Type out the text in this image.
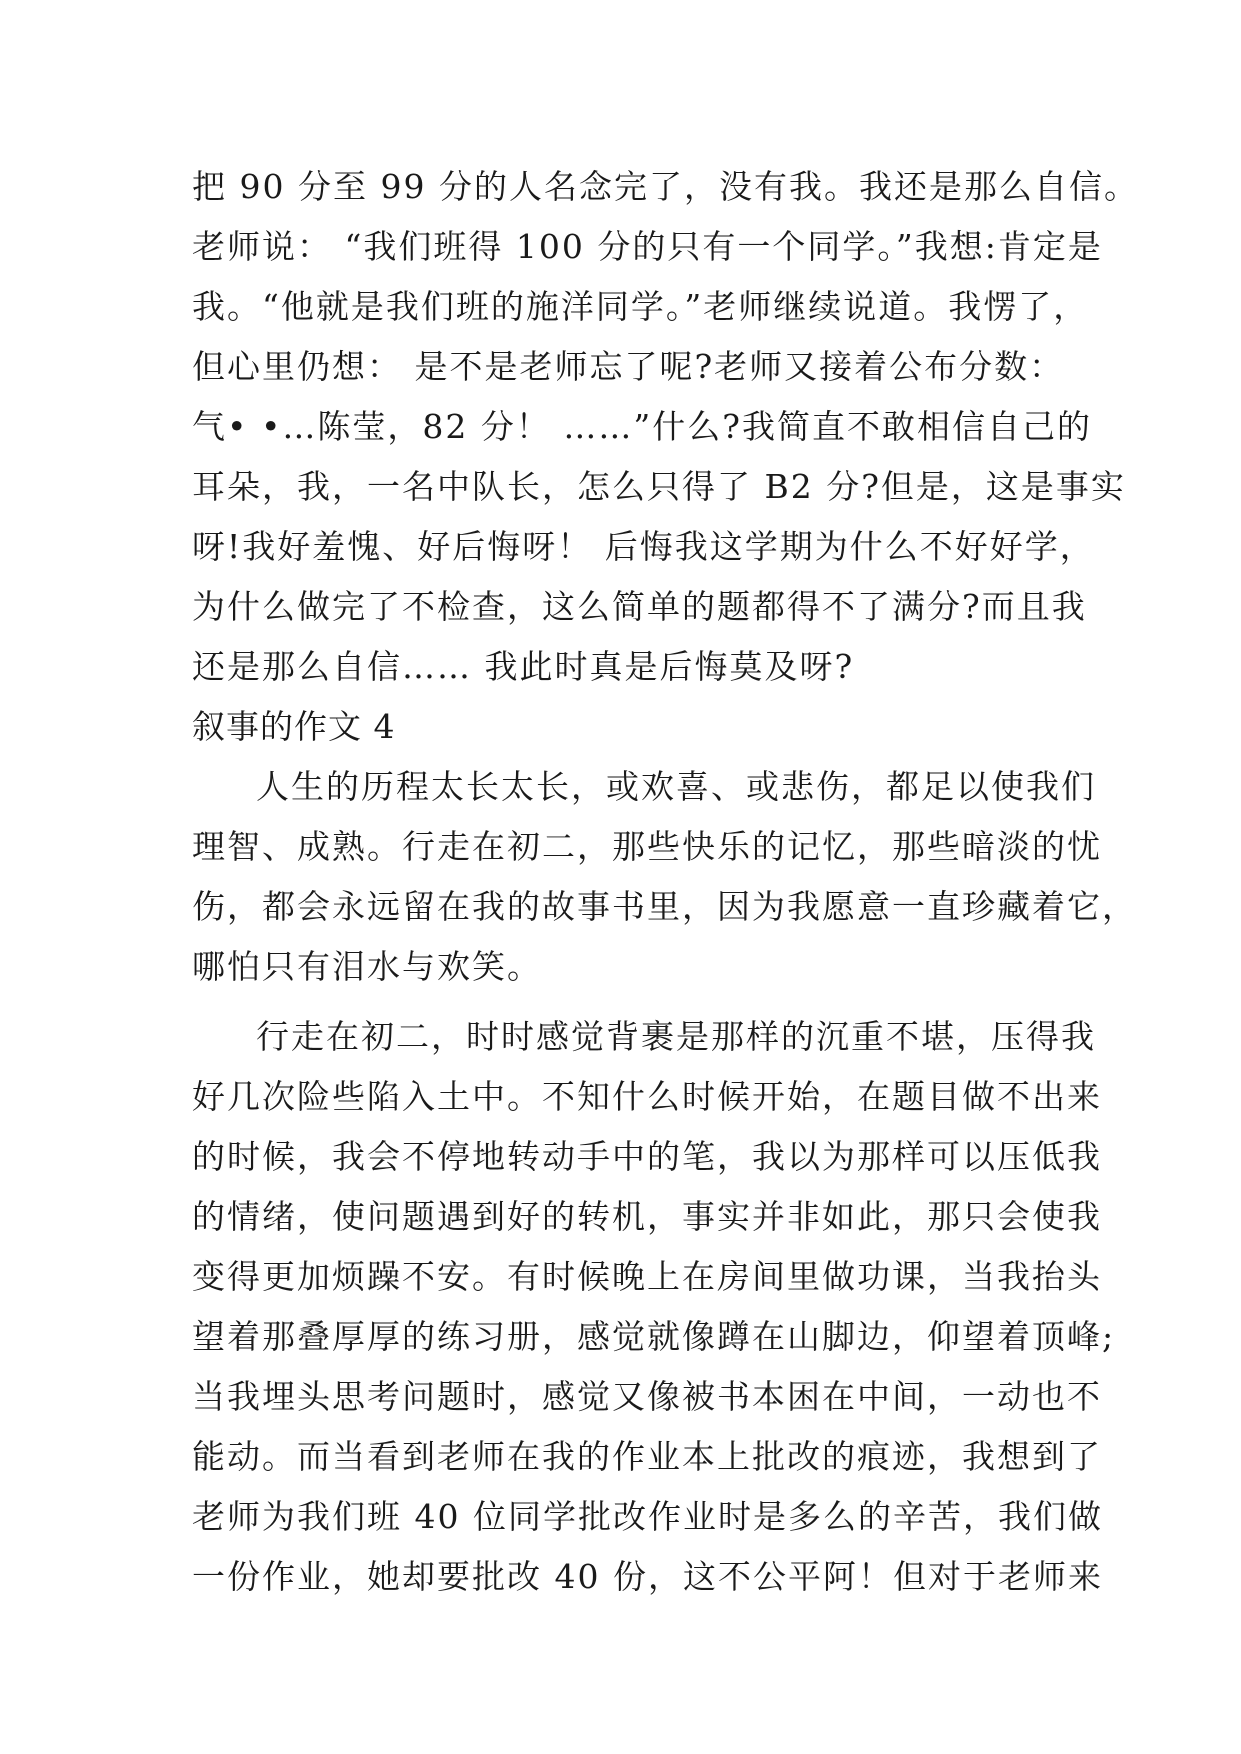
把 90 分至 99 分的人名念完了，没有我。我还是那么自信。
老师说： “我们班得 100 分的只有一个同学。”我想:肯定是
我。“他就是我们班的施洋同学。”老师继续说道。我愣了，
但心里仍想： 是不是老师忘了呢?老师又接着公布分数：
气• •…陈莹，82 分！ ……”什么?我简直不敢相信自己的
耳朵，我，一名中队长，怎么只得了 B2 分?但是，这是事实
呀!我好羞愧、好后悔呀！ 后悔我这学期为什么不好好学，
为什么做完了不检查，这么简单的题都得不了满分?而且我
还是那么自信…… 我此时真是后悔莫及呀?
叙事的作文 4
人生的历程太长太长，或欢喜、或悲伤，都足以使我们
理智、成熟。行走在初二，那些快乐的记忆，那些暗淡的忧
伤，都会永远留在我的故事书里，因为我愿意一直珍藏着它，
哪怕只有泪水与欢笑。
行走在初二，时时感觉背裹是那样的沉重不堪，压得我
好几次险些陷入土中。不知什么时候开始，在题目做不出来
的时候，我会不停地转动手中的笔，我以为那样可以压低我
的情绪，使问题遇到好的转机，事实并非如此，那只会使我
变得更加烦躁不安。有时候晚上在房间里做功课，当我抬头
望着那叠厚厚的练习册，感觉就像蹲在山脚边，仰望着顶峰;
当我埋头思考问题时，感觉又像被书本困在中间，一动也不
能动。而当看到老师在我的作业本上批改的痕迹，我想到了
老师为我们班 40 位同学批改作业时是多么的辛苦，我们做
一份作业，她却要批改 40 份，这不公平阿！但对于老师来
